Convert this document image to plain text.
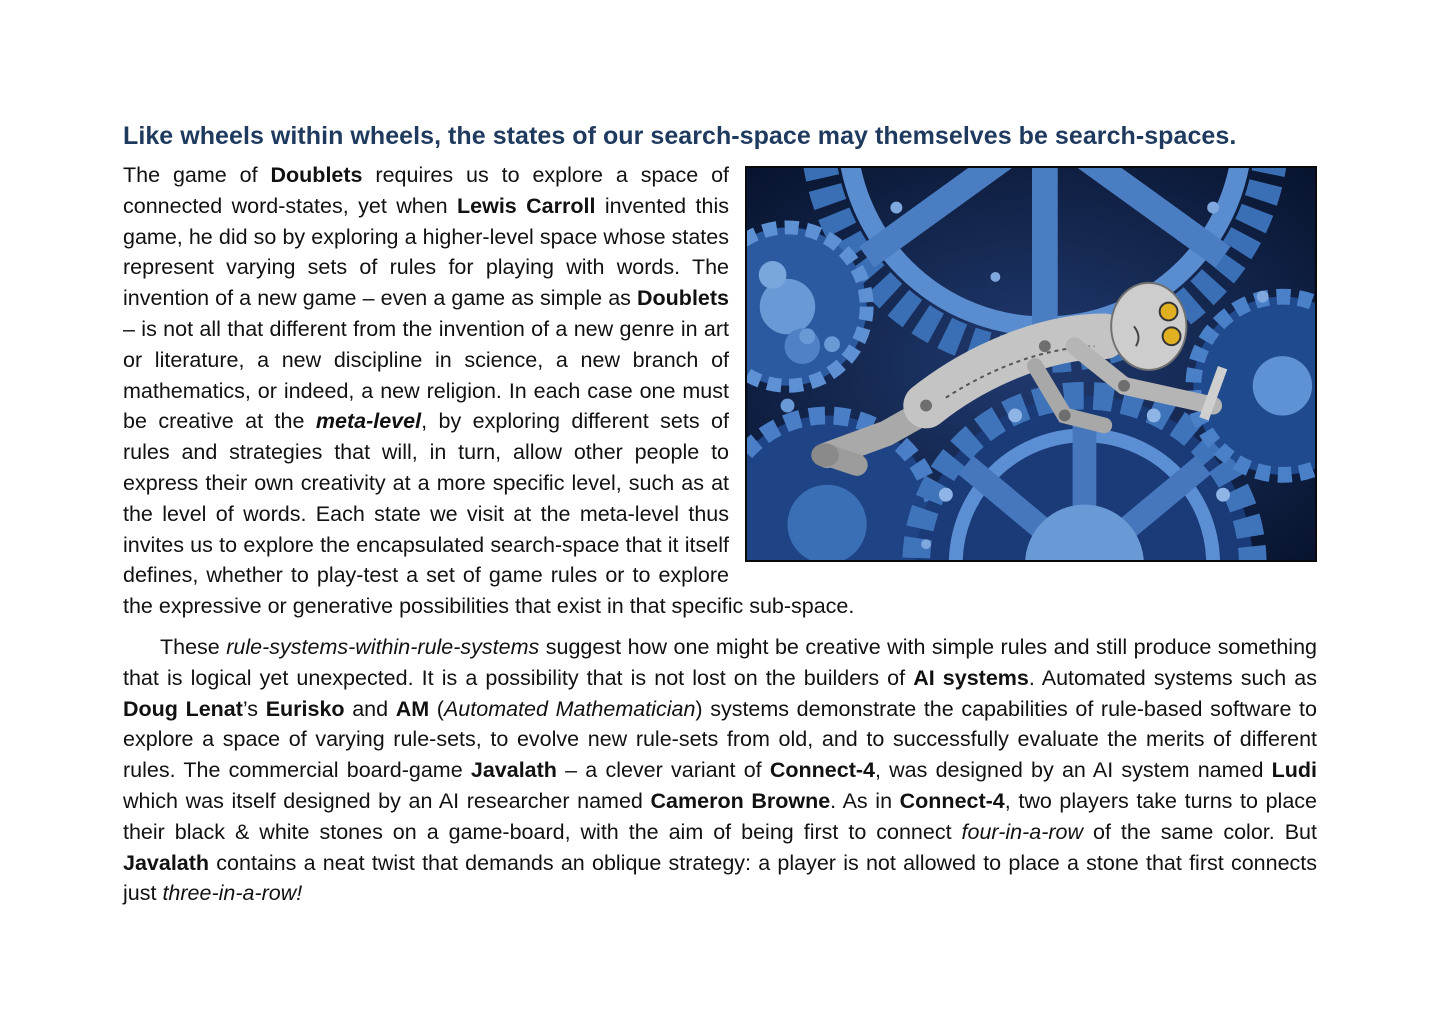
Like wheels within wheels, the states of our search-space may themselves be search-spaces.

The game of Doublets requires us to explore a space of connected word-states, yet when Lewis Carroll invented this game, he did so by exploring a higher-level space whose states represent varying sets of rules for playing with words. The invention of a new game – even a game as simple as Doublets – is not all that different from the invention of a new genre in art or literature, a new discipline in science, a new branch of mathematics, or indeed, a new religion. In each case one must be creative at the meta-level, by exploring different sets of rules and strategies that will, in turn, allow other people to express their own creativity at a more specific level, such as at the level of words. Each state we visit at the meta-level thus invites us to explore the encapsulated search-space that it itself defines, whether to play-test a set of game rules or to explore the expressive or generative possibilities that exist in that specific sub-space.

These rule-systems-within-rule-systems suggest how one might be creative with simple rules and still produce something that is logical yet unexpected. It is a possibility that is not lost on the builders of AI systems. Automated systems such as Doug Lenat’s Eurisko and AM (Automated Mathematician) systems demonstrate the capabilities of rule-based software to explore a space of varying rule-sets, to evolve new rule-sets from old, and to successfully evaluate the merits of different rules. The commercial board-game Javalath – a clever variant of Connect-4, was designed by an AI system named Ludi which was itself designed by an AI researcher named Cameron Browne. As in Connect-4, two players take turns to place their black & white stones on a game-board, with the aim of being first to connect four-in-a-row of the same color. But Javalath contains a neat twist that demands an oblique strategy: a player is not allowed to place a stone that first connects just three-in-a-row!
